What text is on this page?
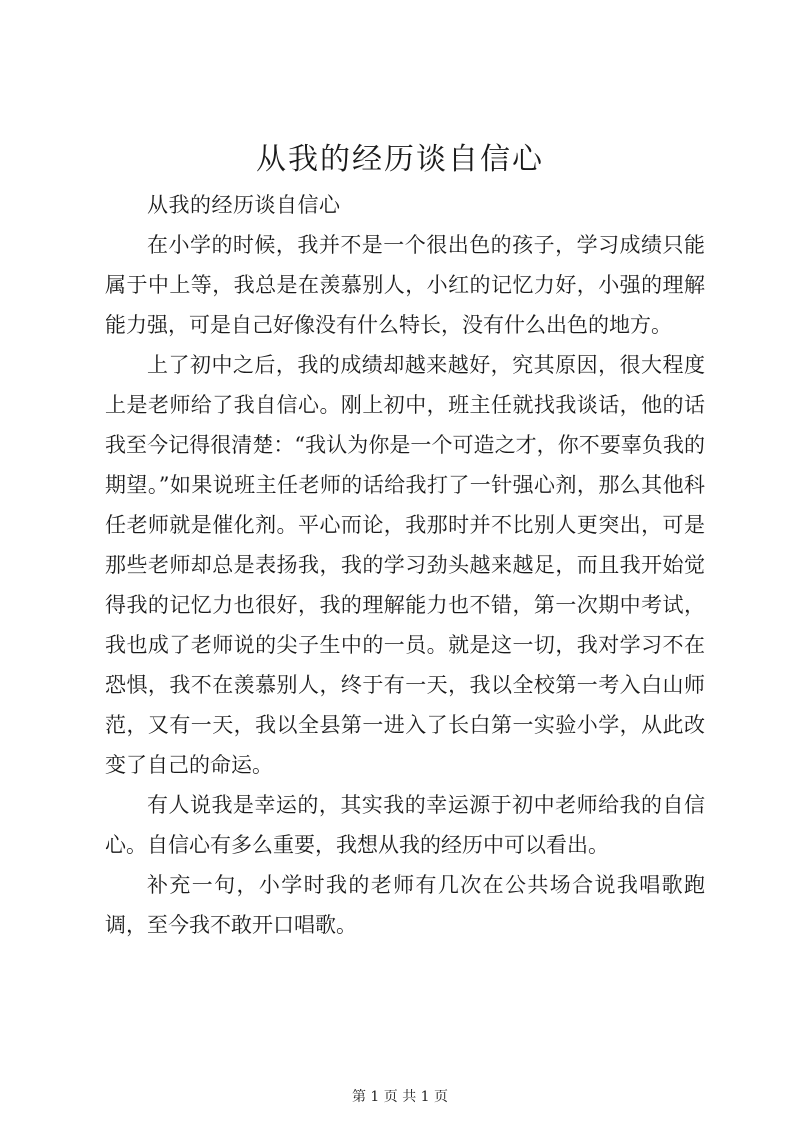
从我的经历谈自信心

从我的经历谈自信心

在小学的时候，我并不是一个很出色的孩子，学习成绩只能属于中上等，我总是在羡慕别人，小红的记忆力好，小强的理解能力强，可是自己好像没有什么特长，没有什么出色的地方。

上了初中之后，我的成绩却越来越好，究其原因，很大程度上是老师给了我自信心。刚上初中，班主任就找我谈话，他的话我至今记得很清楚：“我认为你是一个可造之才，你不要辜负我的期望。”如果说班主任老师的话给我打了一针强心剂，那么其他科任老师就是催化剂。平心而论，我那时并不比别人更突出，可是那些老师却总是表扬我，我的学习劲头越来越足，而且我开始觉得我的记忆力也很好，我的理解能力也不错，第一次期中考试，我也成了老师说的尖子生中的一员。就是这一切，我对学习不在恐惧，我不在羡慕别人，终于有一天，我以全校第一考入白山师范，又有一天，我以全县第一进入了长白第一实验小学，从此改变了自己的命运。

有人说我是幸运的，其实我的幸运源于初中老师给我的自信心。自信心有多么重要，我想从我的经历中可以看出。

补充一句，小学时我的老师有几次在公共场合说我唱歌跑调，至今我不敢开口唱歌。

第 1 页 共 1 页
